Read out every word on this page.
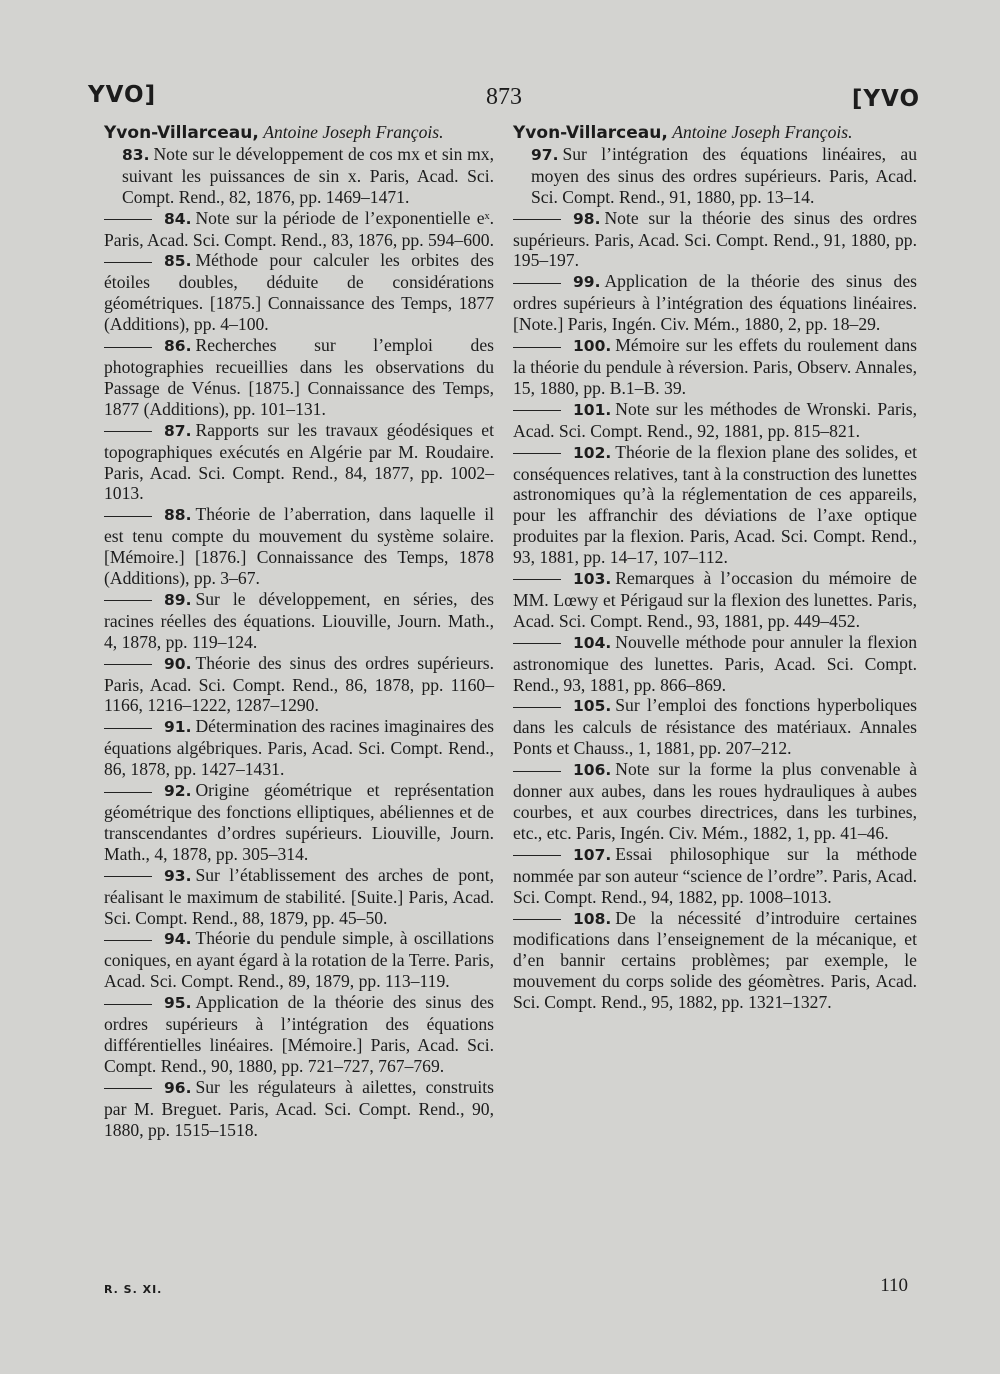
YVO]	873	[YVO

Yvon-Villarceau, Antoine Joseph François.

83. Note sur le développement de cos mx et sin mx, suivant les puissances de sin x. Paris, Acad. Sci. Compt. Rend., 82, 1876, pp. 1469–1471.

84. Note sur la période de l’exponentielle eˣ. Paris, Acad. Sci. Compt. Rend., 83, 1876, pp. 594–600.

85. Méthode pour calculer les orbites des étoiles doubles, déduite de considérations géométriques. [1875.] Connaissance des Temps, 1877 (Additions), pp. 4–100.

86. Recherches sur l’emploi des photographies recueillies dans les observations du Passage de Vénus. [1875.] Connaissance des Temps, 1877 (Additions), pp. 101–131.

87. Rapports sur les travaux géodésiques et topographiques exécutés en Algérie par M. Roudaire. Paris, Acad. Sci. Compt. Rend., 84, 1877, pp. 1002–1013.

88. Théorie de l’aberration, dans laquelle il est tenu compte du mouvement du système solaire. [Mémoire.] [1876.] Connaissance des Temps, 1878 (Additions), pp. 3–67.

89. Sur le développement, en séries, des racines réelles des équations. Liouville, Journ. Math., 4, 1878, pp. 119–124.

90. Théorie des sinus des ordres supérieurs. Paris, Acad. Sci. Compt. Rend., 86, 1878, pp. 1160–1166, 1216–1222, 1287–1290.

91. Détermination des racines imaginaires des équations algébriques. Paris, Acad. Sci. Compt. Rend., 86, 1878, pp. 1427–1431.

92. Origine géométrique et représentation géométrique des fonctions elliptiques, abéliennes et de transcendantes d’ordres supérieurs. Liouville, Journ. Math., 4, 1878, pp. 305–314.

93. Sur l’établissement des arches de pont, réalisant le maximum de stabilité. [Suite.] Paris, Acad. Sci. Compt. Rend., 88, 1879, pp. 45–50.

94. Théorie du pendule simple, à oscillations coniques, en ayant égard à la rotation de la Terre. Paris, Acad. Sci. Compt. Rend., 89, 1879, pp. 113–119.

95. Application de la théorie des sinus des ordres supérieurs à l’intégration des équations différentielles linéaires. [Mémoire.] Paris, Acad. Sci. Compt. Rend., 90, 1880, pp. 721–727, 767–769.

96. Sur les régulateurs à ailettes, construits par M. Breguet. Paris, Acad. Sci. Compt. Rend., 90, 1880, pp. 1515–1518.

Yvon-Villarceau, Antoine Joseph François.

97. Sur l’intégration des équations linéaires, au moyen des sinus des ordres supérieurs. Paris, Acad. Sci. Compt. Rend., 91, 1880, pp. 13–14.

98. Note sur la théorie des sinus des ordres supérieurs. Paris, Acad. Sci. Compt. Rend., 91, 1880, pp. 195–197.

99. Application de la théorie des sinus des ordres supérieurs à l’intégration des équations linéaires. [Note.] Paris, Ingén. Civ. Mém., 1880, 2, pp. 18–29.

100. Mémoire sur les effets du roulement dans la théorie du pendule à réversion. Paris, Observ. Annales, 15, 1880, pp. B.1–B. 39.

101. Note sur les méthodes de Wronski. Paris, Acad. Sci. Compt. Rend., 92, 1881, pp. 815–821.

102. Théorie de la flexion plane des solides, et conséquences relatives, tant à la construction des lunettes astronomiques qu’à la réglementation de ces appareils, pour les affranchir des déviations de l’axe optique produites par la flexion. Paris, Acad. Sci. Compt. Rend., 93, 1881, pp. 14–17, 107–112.

103. Remarques à l’occasion du mémoire de MM. Lœwy et Périgaud sur la flexion des lunettes. Paris, Acad. Sci. Compt. Rend., 93, 1881, pp. 449–452.

104. Nouvelle méthode pour annuler la flexion astronomique des lunettes. Paris, Acad. Sci. Compt. Rend., 93, 1881, pp. 866–869.

105. Sur l’emploi des fonctions hyperboliques dans les calculs de résistance des matériaux. Annales Ponts et Chauss., 1, 1881, pp. 207–212.

106. Note sur la forme la plus convenable à donner aux aubes, dans les roues hydrauliques à aubes courbes, et aux courbes directrices, dans les turbines, etc., etc. Paris, Ingén. Civ. Mém., 1882, 1, pp. 41–46.

107. Essai philosophique sur la méthode nommée par son auteur “science de l’ordre”. Paris, Acad. Sci. Compt. Rend., 94, 1882, pp. 1008–1013.

108. De la nécessité d’introduire certaines modifications dans l’enseignement de la mécanique, et d’en bannir certains problèmes; par exemple, le mouvement du corps solide des géomètres. Paris, Acad. Sci. Compt. Rend., 95, 1882, pp. 1321–1327.

R. S. XI.	110
